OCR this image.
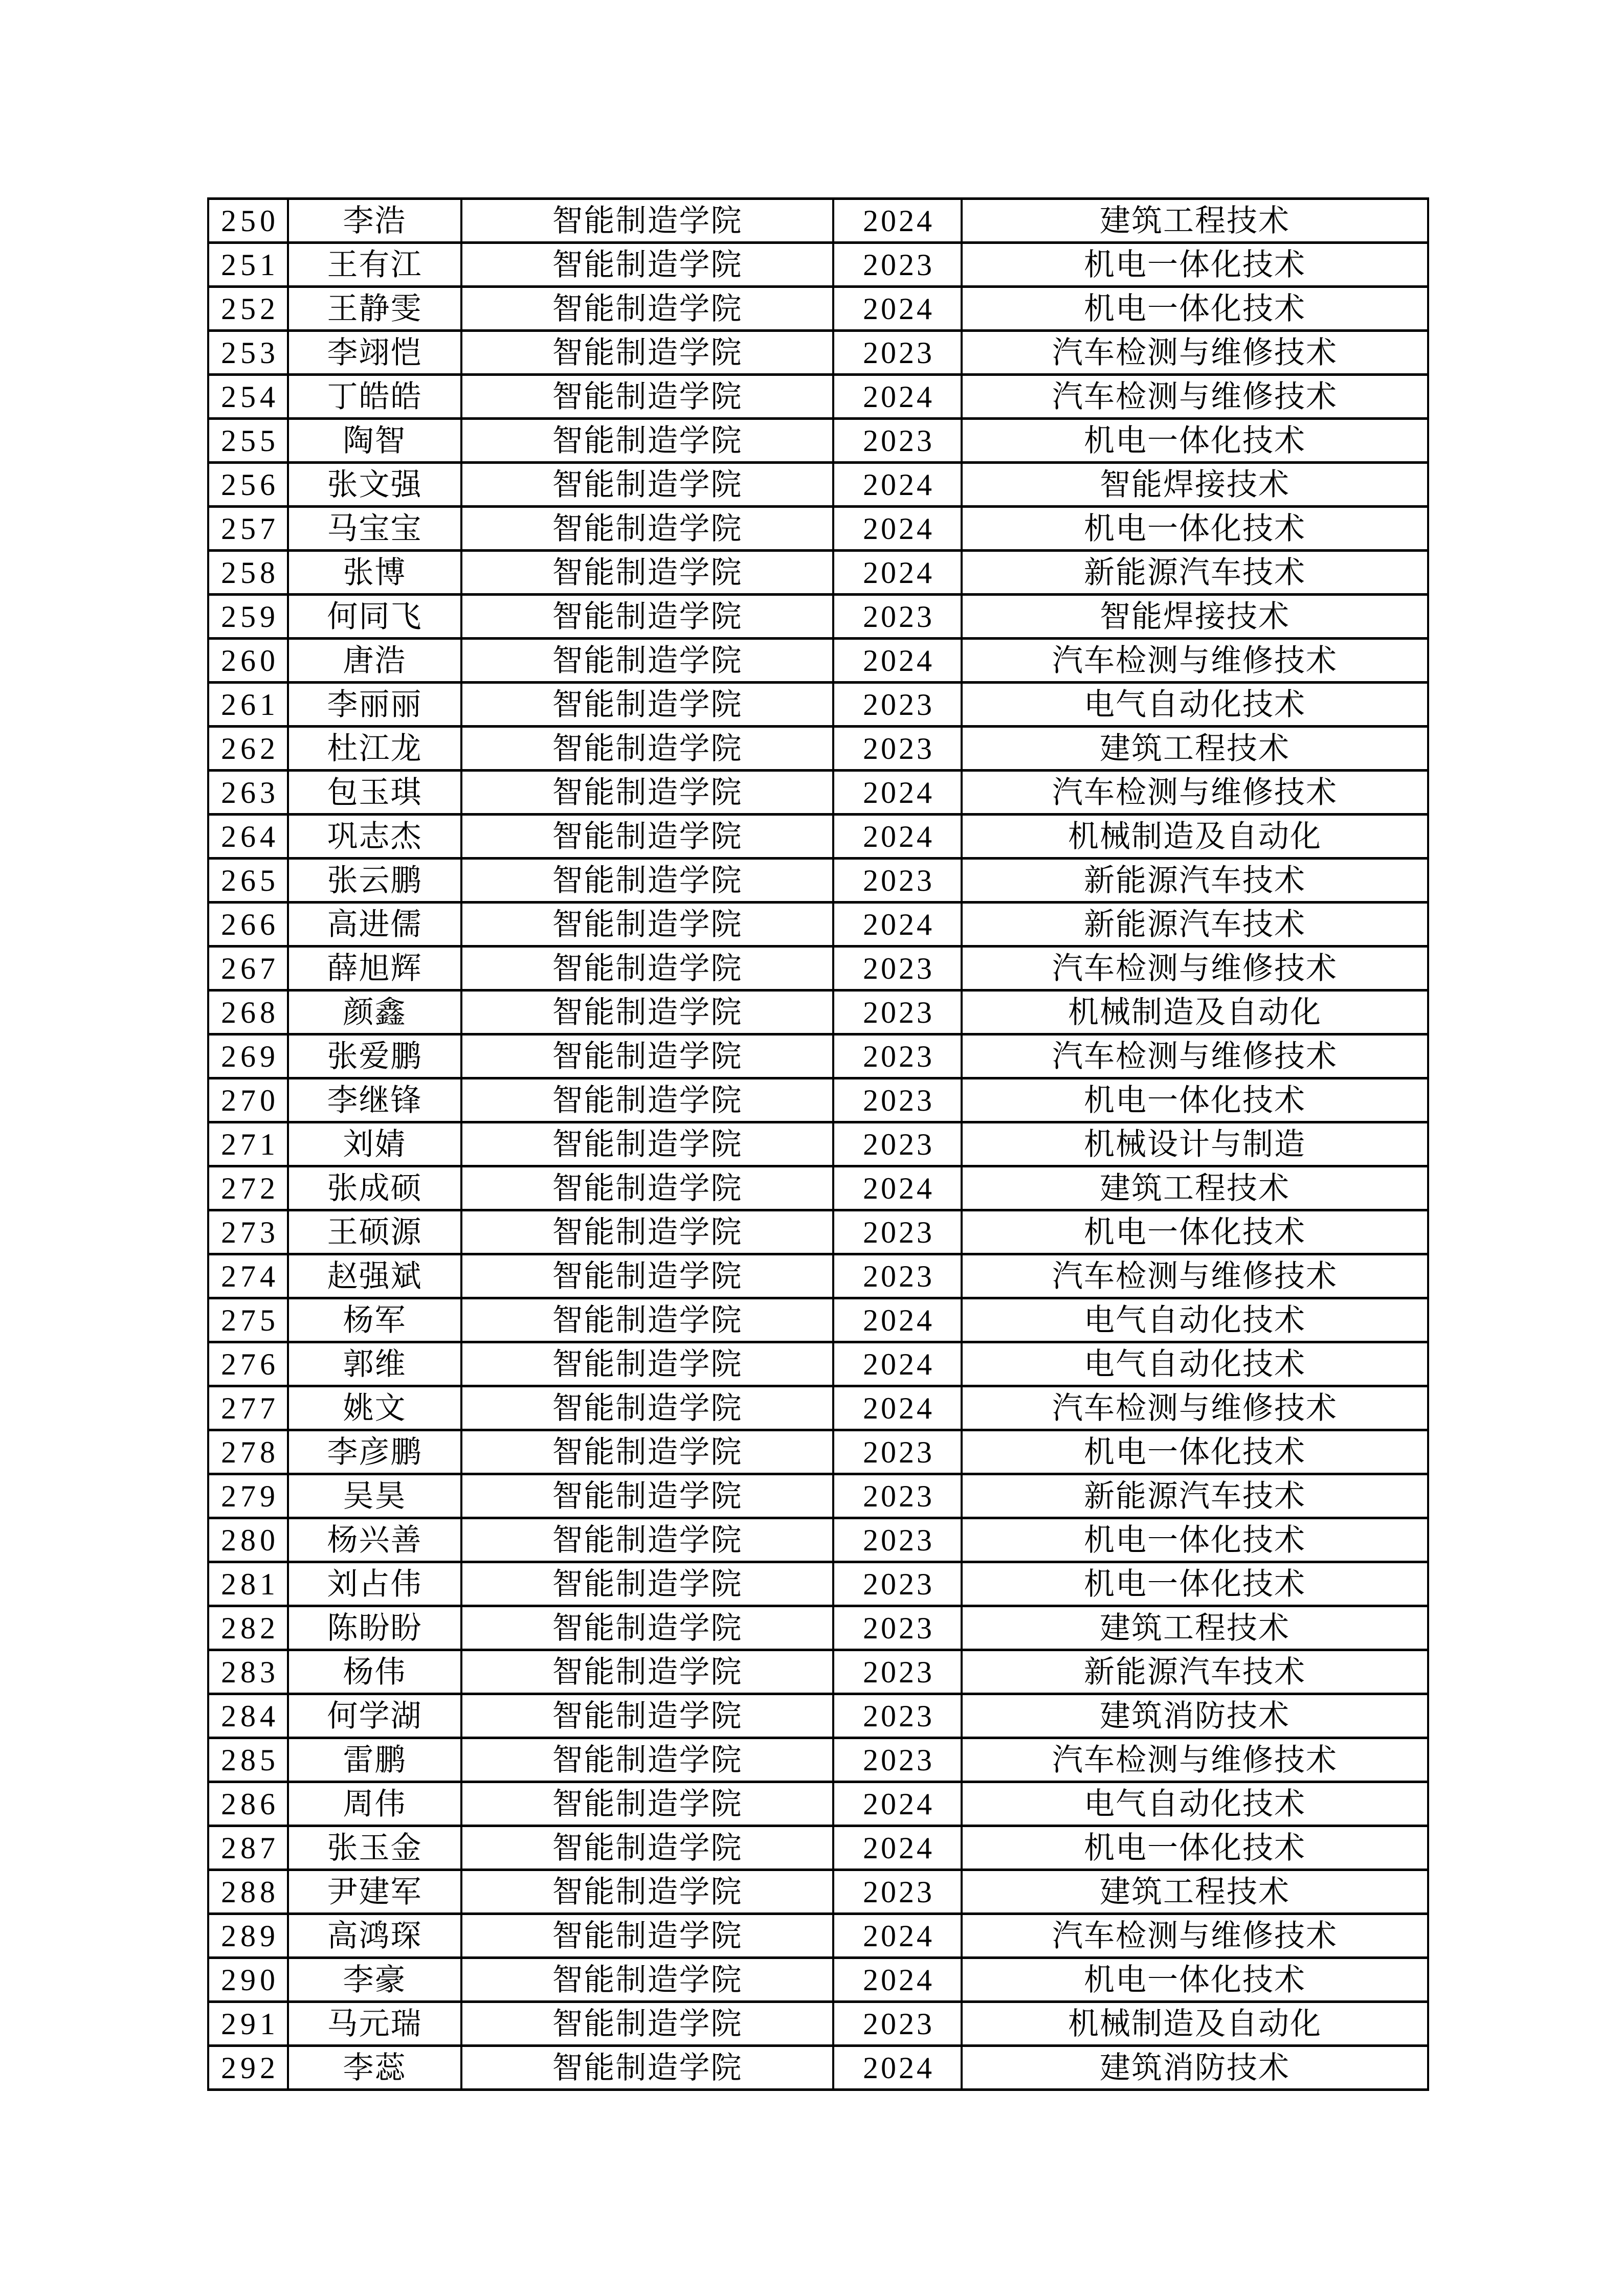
250	李浩	智能制造学院	2024	建筑工程技术
251	王有江	智能制造学院	2023	机电一体化技术
252	王静雯	智能制造学院	2024	机电一体化技术
253	李翊恺	智能制造学院	2023	汽车检测与维修技术
254	丁皓皓	智能制造学院	2024	汽车检测与维修技术
255	陶智	智能制造学院	2023	机电一体化技术
256	张文强	智能制造学院	2024	智能焊接技术
257	马宝宝	智能制造学院	2024	机电一体化技术
258	张博	智能制造学院	2024	新能源汽车技术
259	何同飞	智能制造学院	2023	智能焊接技术
260	唐浩	智能制造学院	2024	汽车检测与维修技术
261	李丽丽	智能制造学院	2023	电气自动化技术
262	杜江龙	智能制造学院	2023	建筑工程技术
263	包玉琪	智能制造学院	2024	汽车检测与维修技术
264	巩志杰	智能制造学院	2024	机械制造及自动化
265	张云鹏	智能制造学院	2023	新能源汽车技术
266	高进儒	智能制造学院	2024	新能源汽车技术
267	薛旭辉	智能制造学院	2023	汽车检测与维修技术
268	颜鑫	智能制造学院	2023	机械制造及自动化
269	张爱鹏	智能制造学院	2023	汽车检测与维修技术
270	李继锋	智能制造学院	2023	机电一体化技术
271	刘婧	智能制造学院	2023	机械设计与制造
272	张成硕	智能制造学院	2024	建筑工程技术
273	王硕源	智能制造学院	2023	机电一体化技术
274	赵强斌	智能制造学院	2023	汽车检测与维修技术
275	杨军	智能制造学院	2024	电气自动化技术
276	郭维	智能制造学院	2024	电气自动化技术
277	姚文	智能制造学院	2024	汽车检测与维修技术
278	李彦鹏	智能制造学院	2023	机电一体化技术
279	吴昊	智能制造学院	2023	新能源汽车技术
280	杨兴善	智能制造学院	2023	机电一体化技术
281	刘占伟	智能制造学院	2023	机电一体化技术
282	陈盼盼	智能制造学院	2023	建筑工程技术
283	杨伟	智能制造学院	2023	新能源汽车技术
284	何学湖	智能制造学院	2023	建筑消防技术
285	雷鹏	智能制造学院	2023	汽车检测与维修技术
286	周伟	智能制造学院	2024	电气自动化技术
287	张玉金	智能制造学院	2024	机电一体化技术
288	尹建军	智能制造学院	2023	建筑工程技术
289	高鸿琛	智能制造学院	2024	汽车检测与维修技术
290	李豪	智能制造学院	2024	机电一体化技术
291	马元瑞	智能制造学院	2023	机械制造及自动化
292	李蕊	智能制造学院	2024	建筑消防技术
